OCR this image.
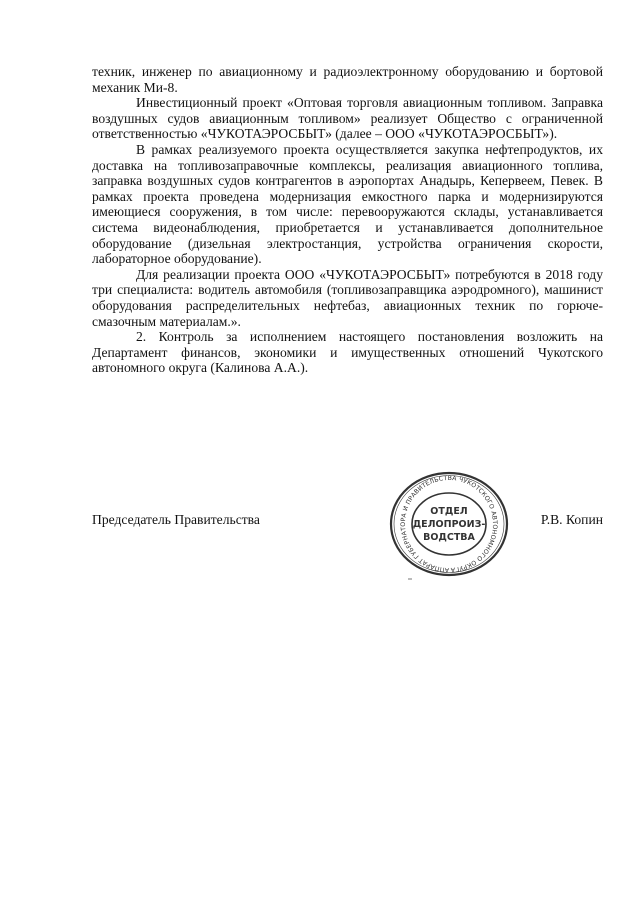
техник, инженер по авиационному и радиоэлектронному оборудованию и бортовой механик Ми-8.

Инвестиционный проект «Оптовая торговля авиационным топливом. Заправка воздушных судов авиационным топливом» реализует Общество с ограниченной ответственностью «ЧУКОТАЭРОСБЫТ» (далее – ООО «ЧУКОТАЭРОСБЫТ»).

В рамках реализуемого проекта осуществляется закупка нефтепродуктов, их доставка на топливозаправочные комплексы, реализация авиационного топлива, заправка воздушных судов контрагентов в аэропортах Анадырь, Кепервеем, Певек. В рамках проекта проведена модернизация емкостного парка и модернизируются имеющиеся сооружения, в том числе: перевооружаются склады, устанавливается система видеонаблюдения, приобретается и устанавливается дополнительное оборудование (дизельная электростанция, устройства ограничения скорости, лабораторное оборудование).

Для реализации проекта ООО «ЧУКОТАЭРОСБЫТ» потребуются в 2018 году три специалиста: водитель автомобиля (топливозаправщика аэродромного), машинист оборудования распределительных нефтебаз, авиационных техник по горюче-смазочным материалам.».

2. Контроль за исполнением настоящего постановления возложить на Департамент финансов, экономики и имущественных отношений Чукотского автономного округа (Калинова А.А.).

Председатель Правительства	Р.В. Копин
АППАРАТ ГУБЕРНАТОРА И ПРАВИТЕЛЬСТВА ЧУКОТСКОГО АВТОНОМНОГО ОКРУГА
ОТДЕЛ
ДЕЛОПРОИЗ-
ВОДСТВА
